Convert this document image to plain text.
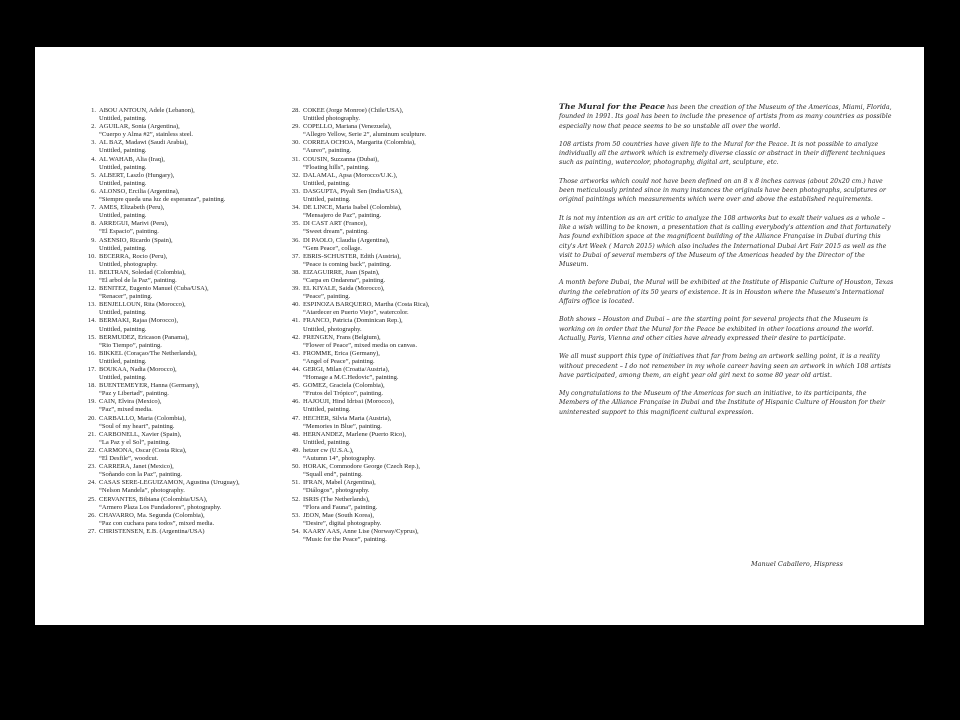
1. ABOU ANTOUN, Adele (Lebanon),
Untitled, painting.
2. AGUILAR, Sonia (Argentina),
“Cuerpo y Alma #2”, stainless steel.
3. AL BAZ, Madawi (Saudi Arabia),
Untitled, painting.
4. AL WAHAB, Alia (Iraq),
Untitled, painting.
5. ALBERT, Laszlo (Hungary),
Untitled, painting.
6. ALONSO, Ercilia (Argentina),
“Siempre queda una luz de esperanza”, painting.
7. AMES, Elizabeth (Peru),
Untitled, painting.
8. ARREGUI, Marivi (Peru),
“El Espacio”, painting.
9. ASENSIO, Ricardo (Spain),
Untitled, painting.
10. BECERRA, Rocio (Peru),
Untitled, photography.
11. BELTRAN, Soledad (Colombia),
“El arbol de la Paz”, painting.
12. BENITEZ, Eugenio Manuel (Cuba/USA),
“Renacer”, painting.
13. BENJELLOUN, Rita (Morocco),
Untitled, painting.
14. BERMAKI, Rajaa (Morocco),
Untitled, painting.
15. BERMUDEZ, Ericason (Panama),
“Rio Tiempo”, painting.
16. BIKKEL (Coraçao/The Netherlands),
Untitled, painting.
17. BOUKAA, Nadia (Morocco),
Untitled, painting.
18. BUENTEMEYER, Hanna (Germany),
“Paz y Libertad”, painting.
19. CAIN, Elvira (Mexico),
“Paz”, mixed media.
20. CARBALLO, Maria (Colombia),
“Soul of my heart”, painting.
21. CARBONELL, Xavier (Spain),
“La Paz y el Sol”, painting.
22. CARMONA, Oscar (Costa Rica),
“El Desfile”, woodcut.
23. CARRERA, Janet (Mexico),
“Soñando con la Paz”, painting.
24. CASAS SERE-LEGUIZAMON, Agustina (Uruguay),
“Nelson Mandela”, photography.
25. CERVANTES, Bibiana (Colombia/USA),
“Armero Plaza Los Fundadores”, photography.
26. CHAVARRO, Ma. Segunda (Colombia),
“Paz con cuchara para todos”, mixed media.
27. CHRISTENSEN, E.B. (Argentina/USA)
28. COKEE (Jorge Monroe) (Chile/USA),
Untitled photography.
29. COPELLO, Mariana (Venezuela),
“Allegro Yellow, Serie 2”, aluminum sculpture.
30. CORREA OCHOA, Margarita (Colombia),
“Aureo”, painting.
31. COUSIN, Suzzanna (Dubai),
“Floating hills”, painting.
32. DALAMAL, Apsa (Morocco/U.K.),
Untitled, painting.
33. DASGUPTA, Piyali Sen (India/USA),
Untitled, painting.
34. DE LINCE, Maria Isabel (Colombia),
“Mensajero de Paz”, painting.
35. DI CAST ART (France),
“Sweet dream”, painting.
36. DI PAOLO, Claudia (Argentina),
“Gem Peace”, collage.
37. EBRIS-SCHUSTER, Edith (Austria),
“Peace is coming back”, painting.
38. EIZAGUIRRE, Juan (Spain),
“Carpa en Ondarena”, painting.
39. EL KIYALE, Saida (Morocco),
“Peace”, painting.
40. ESPINOZA BARQUERO, Martha (Costa Rica),
“Atardecer en Puerto Viejo”, watercolor.
41. FRANCO, Patricia (Dominican Rep.),
Untitled, photography.
42. FRENGEN, Frans (Belgium),
“Flower of Peace”, mixed media on canvas.
43. FROMME, Erica (Germany),
“Angel of Peace”, painting.
44. GERGI, Milan (Croatia/Austria),
“Homage a M.C.Hedovic”, painting.
45. GOMEZ, Graciela (Colombia),
“Frutos del Trópico”, painting.
46. HAJOUJI, Hind Idrissi (Morocco),
Untitled, painting.
47. HECHER, Silvia Maria (Austria),
“Memories in Blue”, painting.
48. HERNANDEZ, Marlene (Puerto Rico),
Untitled, painting.
49. hetzer cw (U.S.A.),
“Autumn 14”, photography.
50. HORAK, Commodore George (Czech Rep.),
“Squall end”, painting.
51. IFRAN, Mabel (Argentina),
“Diálogos”, photography.
52. ISRIS (The Netherlands),
“Flora and Fauna”, painting.
53. JEON, Mae (South Korea),
“Desire”, digital photography.
54. KAARY AAS, Anne Lise (Norway/Cyprus),
“Music for the Peace”, painting.

The Mural for the Peace has been the creation of the Museum of the Americas, Miami, Florida, founded in 1991. Its goal has been to include the presence of artists from as many countries as possible especially now that peace seems to be so unstable all over the world.

108 artists from 50 countries have given life to the Mural for the Peace. It is not possible to analyze individually all the artwork which is extremely diverse classic or abstract in their different techniques such as painting, watercolor, photography, digital art, sculpture, etc.

Those artworks which could not have been defined on an 8 x 8 inches canvas (about 20x20 cm.) have been meticulously printed since in many instances the originals have been photographs, sculptures or original paintings which measurements which were over and above the established requirements.

It is not my intention as an art critic to analyze the 108 artworks but to exalt their values as a whole – like a wish willing to be known, a presentation that is calling everybody's attention and that fortunately has found exhibition space at the magnificent building of the Alliance Française in Dubai during this city's Art Week ( March 2015) which also includes the International Dubai Art Fair 2015 as well as the visit to Dubai of several members of the Museum of the Americas headed by the Director of the Museum.

A month before Dubai, the Mural will be exhibited at the Institute of Hispanic Culture of Houston, Texas during the celebration of its 50 years of existence. It is in Houston where the Museum's International Affairs office is located.

Both shows – Houston and Dubai – are the starting point for several projects that the Museum is working on in order that the Mural for the Peace be exhibited in other locations around the world. Actually, Paris, Vienna and other cities have already expressed their desire to participate.

We all must support this type of initiatives that far from being an artwork selling point, it is a reality without precedent – I do not remember in my whole career having seen an artwork in which 108 artists have participated, among them, an eight year old girl next to some 80 year old artist.

My congratulations to the Museum of the Americas for such an initiative, to its participants, the Members of the Alliance Française in Dubai and the Institute of Hispanic Culture of Houston for their uninterested support to this magnificent cultural expression.

Manuel Caballero, Hispress
